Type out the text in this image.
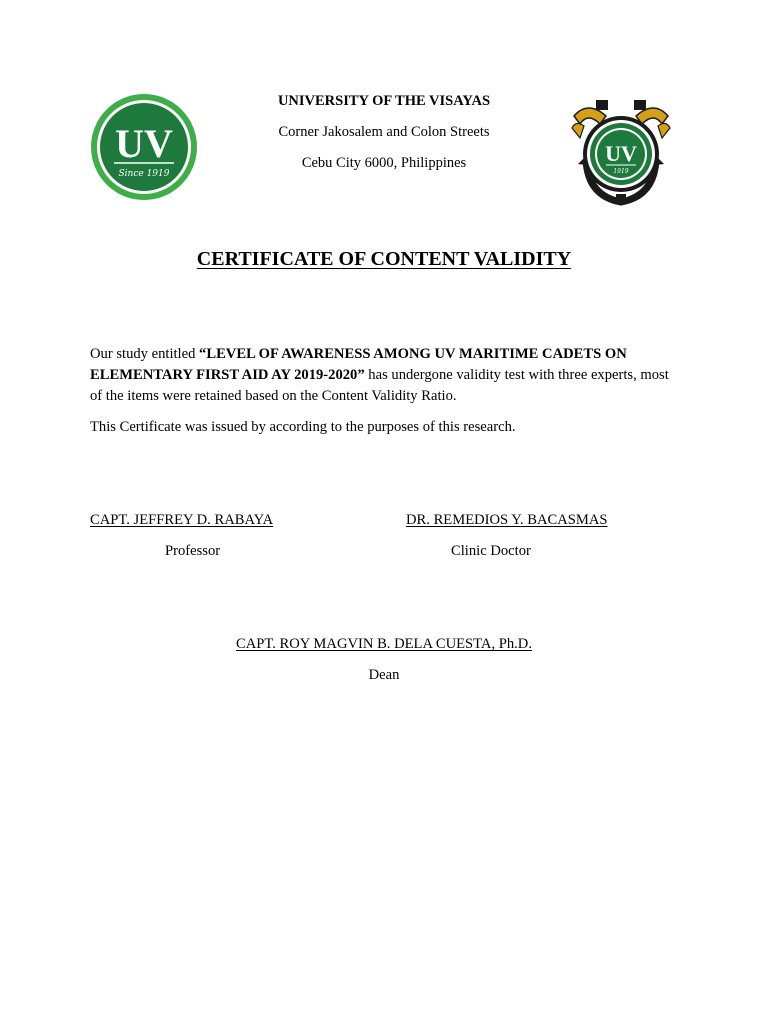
UV
Since 1919
UNIVERSITY OF THE VISAYAS
Corner Jakosalem and Colon Streets
Cebu City 6000, Philippines	UV
1919
CERTIFICATE OF CONTENT VALIDITY

Our study entitled “LEVEL OF AWARENESS AMONG UV MARITIME CADETS ON ELEMENTARY FIRST AID AY 2019-2020” has undergone validity test with three experts, most of the items were retained based on the Content Validity Ratio.

This Certificate was issued by according to the purposes of this research.

CAPT. JEFFREY D. RABAYA
Professor
DR. REMEDIOS Y. BACASMAS
Clinic Doctor
CAPT. ROY MAGVIN B. DELA CUESTA, Ph.D.
Dean
